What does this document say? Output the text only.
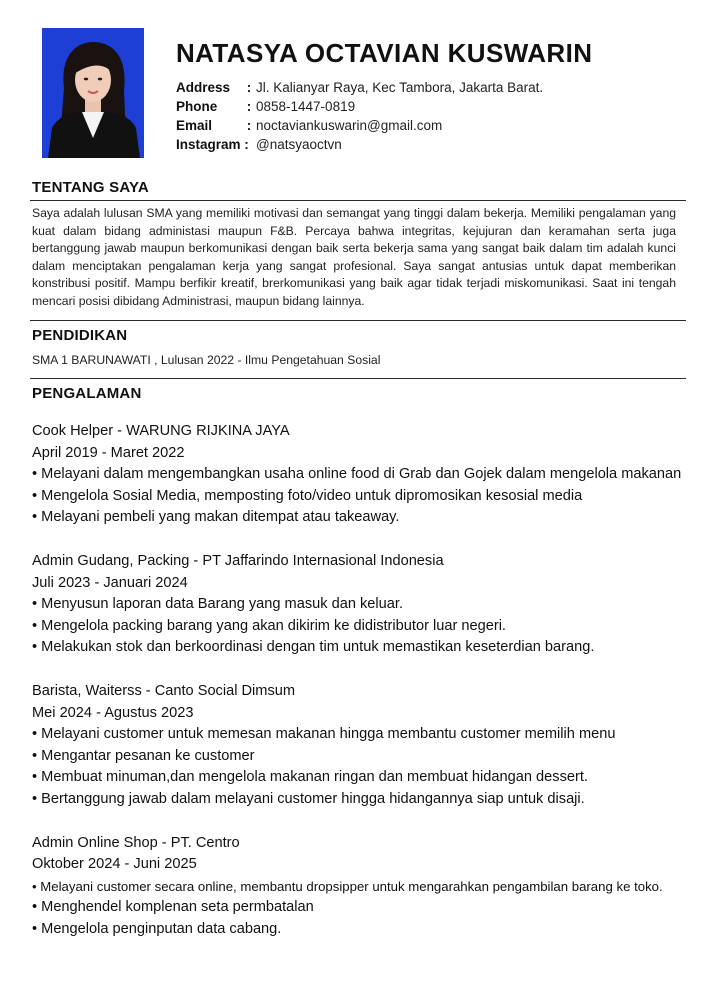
NATASYA OCTAVIAN KUSWARIN
Address	: Jl. Kalianyar Raya, Kec Tambora, Jakarta Barat.
Phone	: 0858-1447-0819
Email	: noctaviankuswarin@gmail.com
Instagram : @natsyaoctvn
TENTANG SAYA
Saya adalah lulusan SMA yang memiliki motivasi dan semangat yang tinggi dalam bekerja. Memiliki pengalaman yang kuat dalam bidang administasi maupun F&B. Percaya bahwa integritas, kejujuran dan keramahan serta juga bertanggung jawab maupun berkomunikasi dengan baik serta bekerja sama yang sangat baik dalam tim adalah kunci dalam menciptakan pengalaman kerja yang sangat profesional. Saya sangat antusias untuk dapat memberikan konstribusi positif. Mampu berfikir kreatif, brerkomunikasi yang baik agar tidak terjadi miskomunikasi. Saat ini tengah mencari posisi dibidang Administrasi, maupun bidang lainnya.
PENDIDIKAN
SMA 1 BARUNAWATI , Lulusan 2022 - Ilmu Pengetahuan Sosial
PENGALAMAN
Cook Helper - WARUNG RIJKINA JAYA
April 2019 - Maret 2022
• Melayani dalam mengembangkan usaha online food di Grab dan Gojek dalam mengelola makanan
• Mengelola Sosial Media, memposting foto/video untuk dipromosikan kesosial media
• Melayani pembeli yang makan ditempat atau takeaway.
Admin Gudang, Packing - PT Jaffarindo Internasional Indonesia
Juli 2023 - Januari 2024
• Menyusun laporan data Barang yang masuk dan keluar.
• Mengelola packing barang yang akan dikirim ke didistributor luar negeri.
• Melakukan stok dan berkoordinasi dengan tim untuk memastikan keseterdian barang.
Barista, Waiterss - Canto Social Dimsum
Mei 2024 - Agustus 2023
• Melayani customer untuk memesan makanan hingga membantu customer memilih menu
• Mengantar pesanan ke customer
• Membuat minuman,dan mengelola makanan ringan dan membuat hidangan dessert.
• Bertanggung jawab dalam melayani customer hingga hidangannya siap untuk disaji.
Admin Online Shop - PT. Centro
Oktober 2024 - Juni 2025
• Melayani customer secara online, membantu dropsipper untuk mengarahkan pengambilan barang ke toko.
• Menghendel komplenan seta permbatalan
• Mengelola penginputan data cabang.
